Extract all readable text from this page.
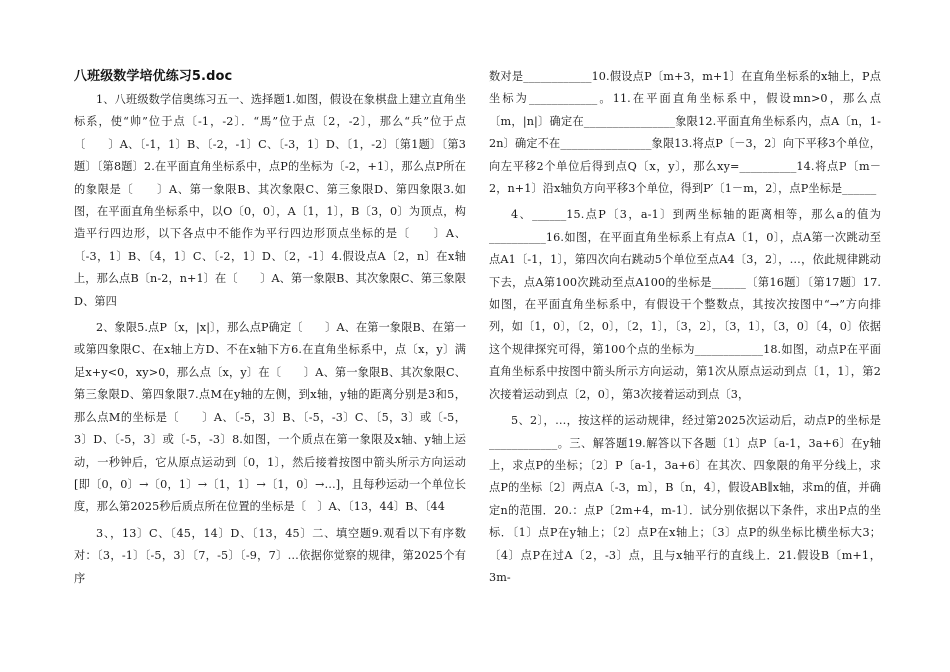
八班级数学培优练习5.doc

1、八班级数学信奥练习五一、选择题1.如图，假设在象棋盘上建立直角坐标系，使“帅”位于点〔-1，-2〕．“馬”位于点〔2，-2〕，那么“兵”位于点〔　　〕A、〔-1，1〕B、〔-2，-1〕C、〔-3，1〕D、〔1，-2〕〔第1题〕〔第3题〕〔第8题〕2.在平面直角坐标系中，点P的坐标为〔-2，+1〕，那么点P所在的象限是〔　　〕A、第一象限B、其次象限C、第三象限D、第四象限3.如图，在平面直角坐标系中，以O〔0，0〕，A〔1，1〕，B〔3，0〕为顶点，构造平行四边形，以下各点中不能作为平行四边形顶点坐标的是〔　　〕A、〔-3，1〕B、〔4，1〕C、〔-2，1〕D、〔2，-1〕4.假设点A〔2，n〕在x轴上，那么点B〔n-2，n+1〕在〔　　〕A、第一象限B、其次象限C、第三象限D、第四

2、象限5.点P〔x，|x|〕，那么点P确定〔　　〕A、在第一象限B、在第一或第四象限C、在x轴上方D、不在x轴下方6.在直角坐标系中，点〔x，y〕满足x+y<0，xy>0，那么点〔x，y〕在〔　　〕A、第一象限B、其次象限C、第三象限D、第四象限7.点M在y轴的左侧，到x轴，y轴的距离分别是3和5，那么点M的坐标是〔　　〕A、〔-5，3〕B、〔-5，-3〕C、〔5，3〕或〔-5，3〕D、〔-5，3〕或〔-5，-3〕8.如图，一个质点在第一象限及x轴、y轴上运动，一秒钟后，它从原点运动到〔0，1〕，然后接着按图中箭头所示方向运动[即〔0，0〕→〔0，1〕→〔1，1〕→〔1，0〕→…]，且每秒运动一个单位长度，那么第2025秒后质点所在位置的坐标是〔　〕A、〔13，44〕B、〔44

3、，13〕C、〔45，14〕D、〔13，45〕二、填空题9.观看以下有序数对：〔3，-1〕〔-5，3〕〔7，-5〕〔-9，7〕…依据你觉察的规律，第2025个有序

数对是____________10.假设点P〔m+3，m+1〕在直角坐标系的x轴上，P点坐标为____________。11.在平面直角坐标系中，假设mn>0，那么点〔m，|n|〕确定在________________象限12.平面直角坐标系内，点A〔n，1-2n〕确定不在________________象限13.将点P〔－3，2〕向下平移3个单位，向左平移2个单位后得到点Q〔x，y〕，那么xy=__________14.将点P〔m－2，n+1〕沿x轴负方向平移3个单位，得到P′〔1－m，2〕，点P坐标是______

4、______15.点P〔3，a-1〕到两坐标轴的距离相等，那么a的值为__________16.如图，在平面直角坐标系上有点A〔1，0〕，点A第一次跳动至点A1〔-1，1〕，第四次向右跳动5个单位至点A4〔3，2〕，…，依此规律跳动下去，点A第100次跳动至点A100的坐标是______〔第16题〕〔第17题〕17.如图，在平面直角坐标系中，有假设干个整数点，其按次按图中“→”方向排列，如〔1，0〕，〔2，0〕，〔2，1〕，〔3，2〕，〔3，1〕，〔3，0〕〔4，0〕依据这个规律探究可得，第100个点的坐标为____________18.如图，动点P在平面直角坐标系中按图中箭头所示方向运动，第1次从原点运动到点〔1，1〕，第2次接着运动到点〔2，0〕，第3次接着运动到点〔3，

5、2〕，…，按这样的运动规律，经过第2025次运动后，动点P的坐标是____________。三、解答题19.解答以下各题〔1〕点P〔a-1，3a+6〕在y轴上，求点P的坐标；〔2〕P〔a-1，3a+6〕在其次、四象限的角平分线上，求点P的坐标〔2〕两点A〔-3，m〕，B〔n，4〕，假设AB∥x轴，求m的值，并确定n的范围．20.：点P〔2m+4，m-1〕．试分别依据以下条件，求出P点的坐标．〔1〕点P在y轴上；〔2〕点P在x轴上；〔3〕点P的纵坐标比横坐标大3；〔4〕点P在过A〔2，-3〕点，且与x轴平行的直线上．21.假设B〔m+1，3m-
